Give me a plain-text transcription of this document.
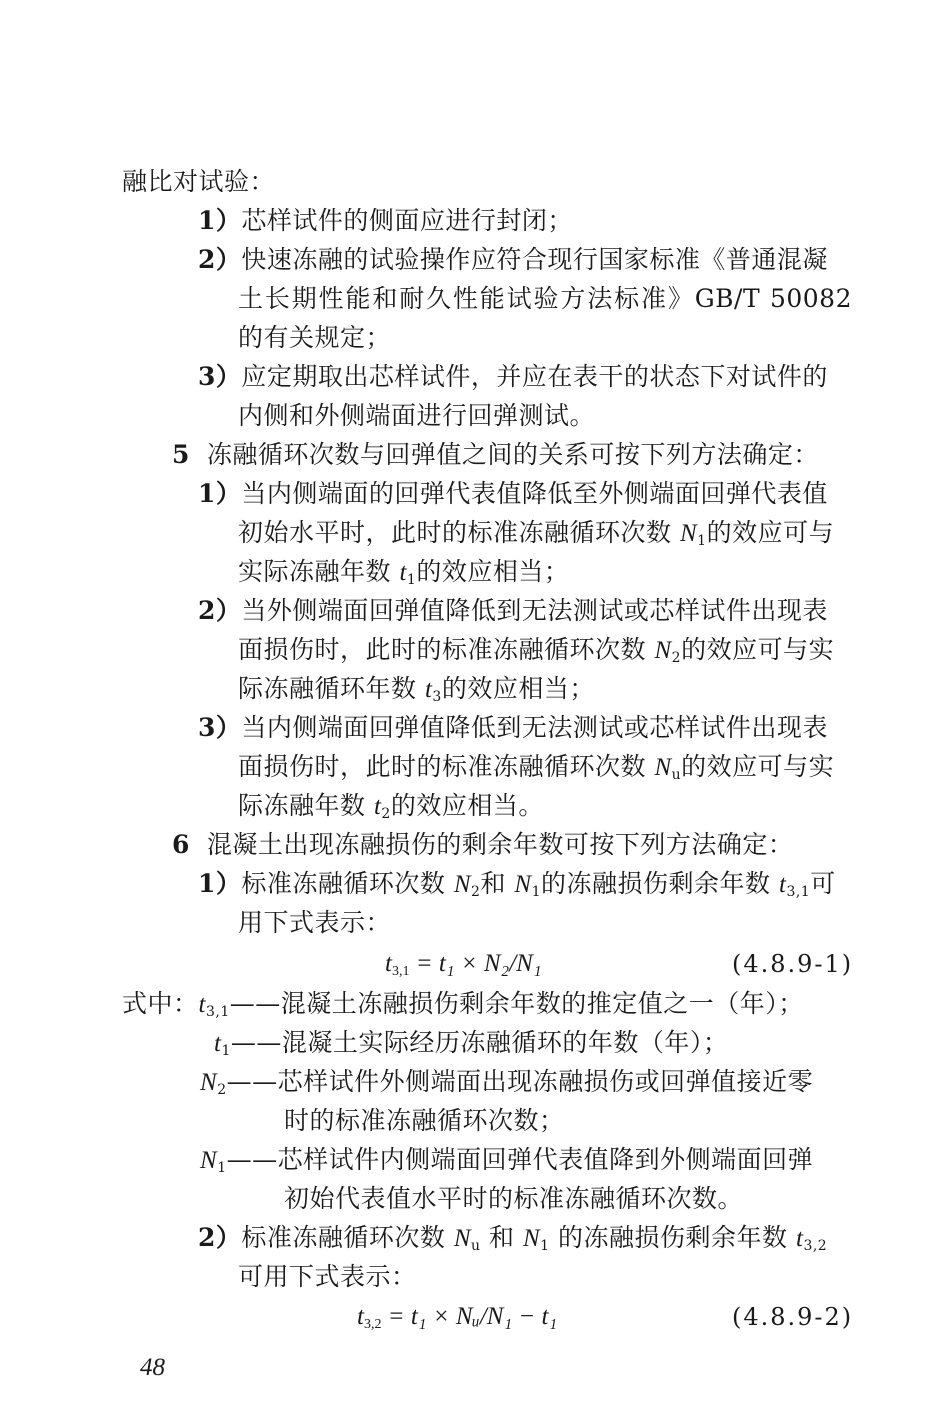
融比对试验：
1）芯样试件的侧面应进行封闭；
2）快速冻融的试验操作应符合现行国家标准《普通混凝
土长期性能和耐久性能试验方法标准》GB/T 50082
的有关规定；
3）应定期取出芯样试件，并应在表干的状态下对试件的
内侧和外侧端面进行回弹测试。
5 冻融循环次数与回弹值之间的关系可按下列方法确定：
1）当内侧端面的回弹代表值降低至外侧端面回弹代表值
初始水平时，此时的标准冻融循环次数 $N_1$的效应可与
实际冻融年数 $t_1$的效应相当；
2）当外侧端面回弹值降低到无法测试或芯样试件出现表
面损伤时，此时的标准冻融循环次数 $N_2$的效应可与实
际冻融循环年数 $t_3$的效应相当；
3）当内侧端面回弹值降低到无法测试或芯样试件出现表
面损伤时，此时的标准冻融循环次数 $N_u$的效应可与实
际冻融年数 $t_2$的效应相当。
6 混凝土出现冻融损伤的剩余年数可按下列方法确定：
1）标准冻融循环次数 $N_2$和 $N_1$的冻融损伤剩余年数 $t_{3,1}$可
用下式表示：
$t_{3,1} = t_1 \times N_2/N_1$	(4.8.9-1)
式中：$t_{3,1}——$混凝土冻融损伤剩余年数的推定值之一（年）；
$t_1——$混凝土实际经历冻融循环的年数（年）；
$N_2——$芯样试件外侧端面出现冻融损伤或回弹值接近零
时的标准冻融循环次数；
$N_1——$芯样试件内侧端面回弹代表值降到外侧端面回弹
初始代表值水平时的标准冻融循环次数。
2）标准冻融循环次数 $N_u$ 和 $N_1$ 的冻融损伤剩余年数 $t_{3,2}$
可用下式表示：
$t_{3,2} = t_1$ × Nᵤ/N₁ − t₁	(4.8.9-2)
48
